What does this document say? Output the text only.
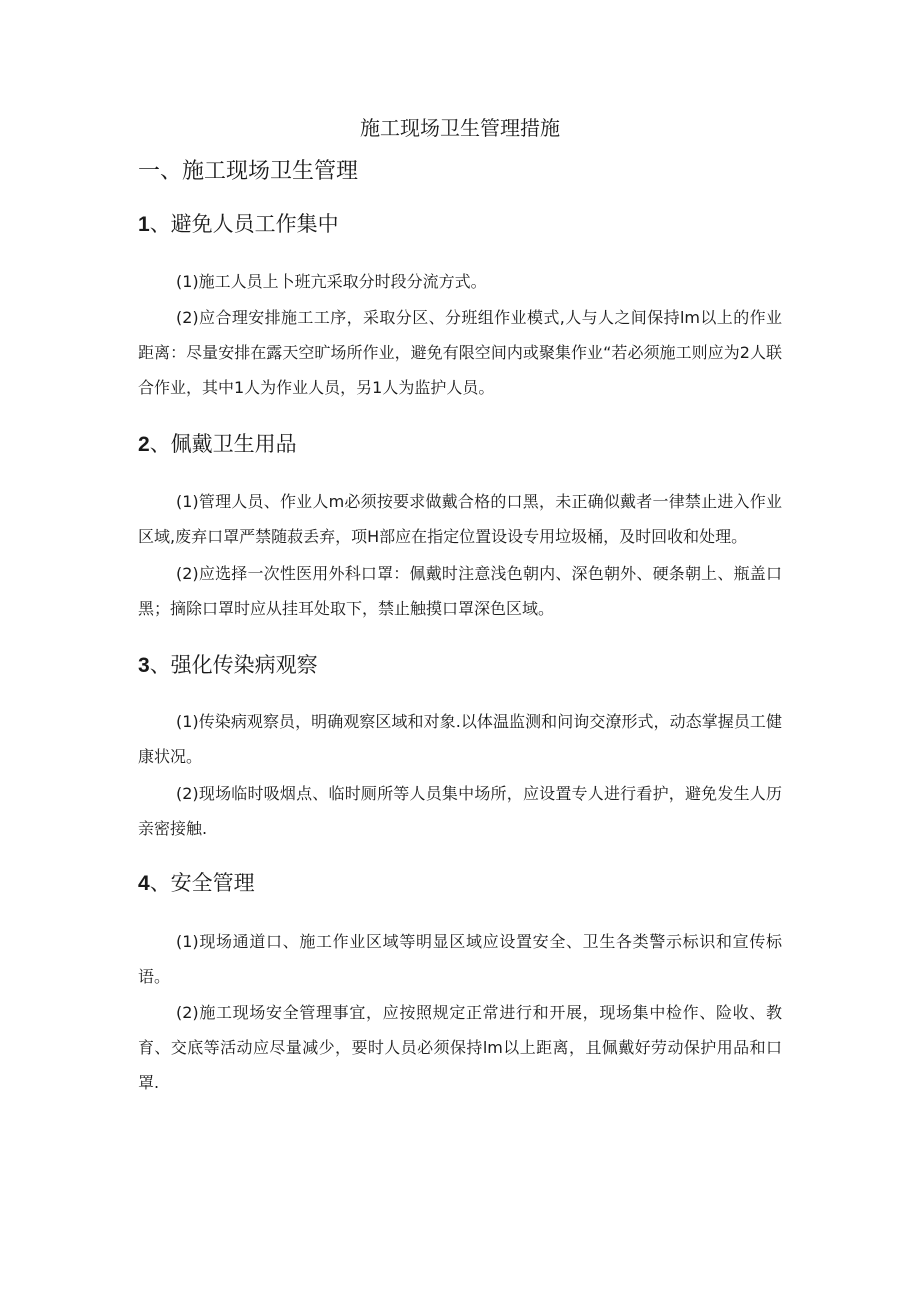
施工现场卫生管理措施
一、施工现场卫生管理
1、避免人员工作集中

(1)施工人员上卜班亢采取分时段分流方式。

(2)应合理安排施工工序，采取分区、分班组作业模式,人与人之间保持lm以上的作业距离：尽量安排在露天空旷场所作业，避免有限空间内或聚集作业“若必须施工则应为2人联合作业，其中1人为作业人员，另1人为监护人员。

2、佩戴卫生用品

(1)管理人员、作业人m必须按要求做戴合格的口黑，未正确似戴者一律禁止进入作业区域,废弃口罩严禁随菽丢弃，项H部应在指定位置设设专用垃圾桶，及时回收和处理。

(2)应选择一次性医用外科口罩：佩戴时注意浅色朝内、深色朝外、硬条朝上、瓶盖口黑；摘除口罩时应从挂耳处取下，禁止触摸口罩深色区域。

3、强化传染病观察

(1)传染病观察员，明确观察区域和对象.以体温监测和问询交潦形式，动态掌握员工健康状况。

(2)现场临时吸烟点、临时厕所等人员集中场所，应设置专人进行看护，避免发生人历亲密接触.

4、安全管理

(1)现场通道口、施工作业区域等明显区域应设置安全、卫生各类警示标识和宣传标语。

(2)施工现场安全管理事宜，应按照规定正常进行和开展，现场集中检作、险收、教育、交底等活动应尽量减少，要时人员必须保持lm以上距离，且佩戴好劳动保护用品和口罩.
